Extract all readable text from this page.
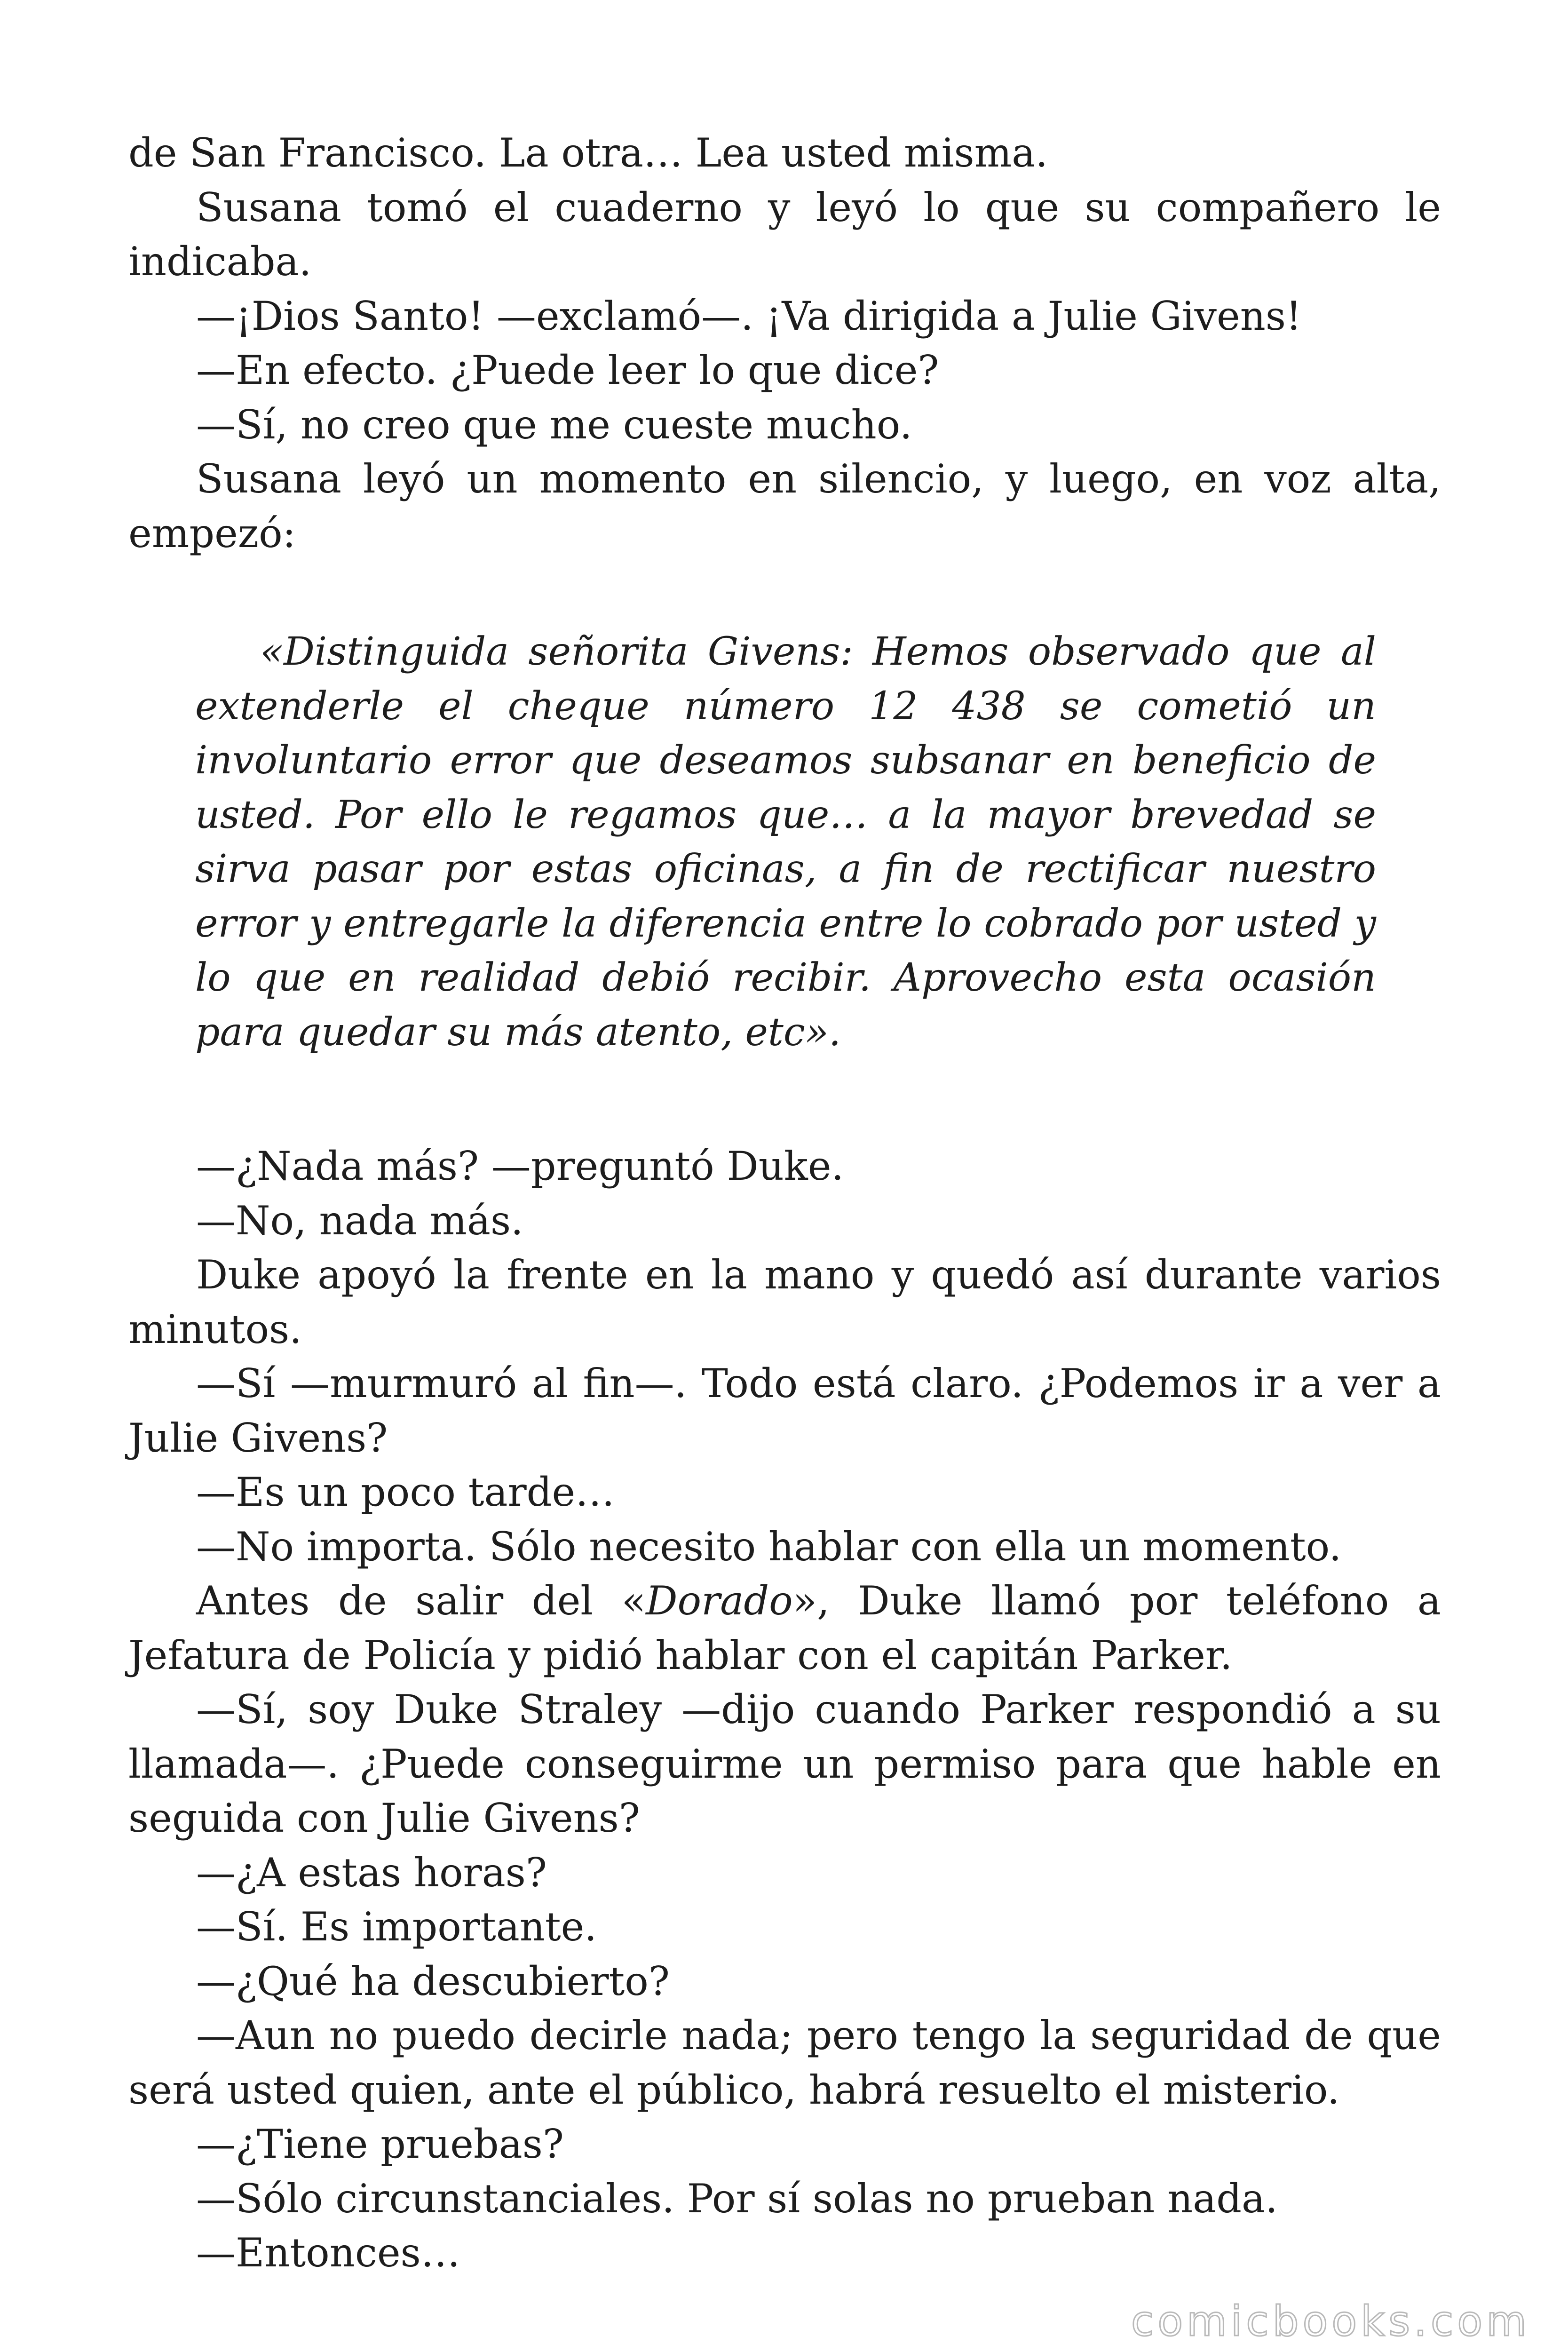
de San Francisco. La otra… Lea usted misma.

Susana tomó el cuaderno y leyó lo que su compañero le indicaba.

—¡Dios Santo! —exclamó—. ¡Va dirigida a Julie Givens!

—En efecto. ¿Puede leer lo que dice?

—Sí, no creo que me cueste mucho.

Susana leyó un momento en silencio, y luego, en voz alta, empezó:

«Distinguida señorita Givens: Hemos observado que al extenderle el cheque número 12 438 se cometió un involuntario error que deseamos subsanar en beneficio de usted. Por ello le regamos que… a la mayor brevedad se sirva pasar por estas oficinas, a fin de rectificar nuestro error y entregarle la diferencia entre lo cobrado por usted y lo que en realidad debió recibir. Aprovecho esta ocasión para quedar su más atento, etc».

—¿Nada más? —preguntó Duke.

—No, nada más.

Duke apoyó la frente en la mano y quedó así durante varios minutos.

—Sí —murmuró al fin—. Todo está claro. ¿Podemos ir a ver a Julie Givens?

—Es un poco tarde…

—No importa. Sólo necesito hablar con ella un momento.

Antes de salir del «Dorado», Duke llamó por teléfono a Jefatura de Policía y pidió hablar con el capitán Parker.

—Sí, soy Duke Straley —dijo cuando Parker respondió a su llamada—. ¿Puede conseguirme un permiso para que hable en seguida con Julie Givens?

—¿A estas horas?

—Sí. Es importante.

—¿Qué ha descubierto?

—Aun no puedo decirle nada; pero tengo la seguridad de que será usted quien, ante el público, habrá resuelto el misterio.

—¿Tiene pruebas?

—Sólo circunstanciales. Por sí solas no prueban nada.

—Entonces…

comicbooks.com
